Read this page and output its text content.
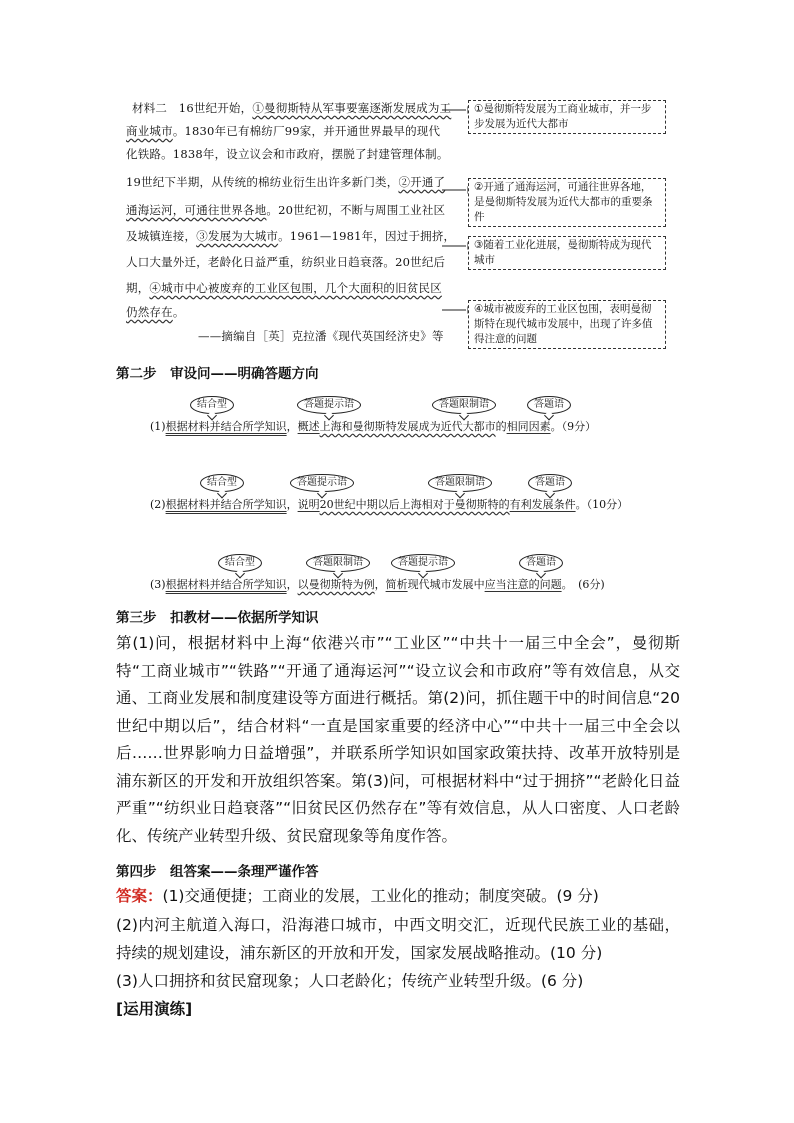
材料二　16世纪开始，①曼彻斯特从军事要塞逐渐发展成为工
商业城市。1830年已有棉纺厂99家，并开通世界最早的现代
化铁路。1838年，设立议会和市政府，摆脱了封建管理体制。
19世纪下半期，从传统的棉纺业衍生出许多新门类，②开通了
通海运河，可通往世界各地。20世纪初，不断与周围工业社区
及城镇连接，③发展为大城市。1961—1981年，因过于拥挤，
人口大量外迁，老龄化日益严重，纺织业日趋衰落。20世纪后
期，④城市中心被废弃的工业区包围，几个大面积的旧贫民区
仍然存在。
——摘编自［英］克拉潘《现代英国经济史》等
①曼彻斯特发展为工商业城市，并一步步发展为近代大都市
②开通了通海运河，可通往世界各地，是曼彻斯特发展为近代大都市的重要条件
③随着工业化进展，曼彻斯特成为现代城市
④城市被废弃的工业区包围，表明曼彻斯特在现代城市发展中，出现了许多值得注意的问题
第二步　审设问——明确答题方向
结合型	答题提示语	答题限制语	答题语
(1)根据材料并结合所学知识，概述上海和曼彻斯特发展成为近代大都市的相同因素。（9分）
结合型	答题提示语	答题限制语	答题语
(2)根据材料并结合所学知识，说明20世纪中期以后上海相对于曼彻斯特的有利发展条件。（10分）
结合型	答题限制语	答题提示语	答题语
(3)根据材料并结合所学知识，以曼彻斯特为例，简析现代城市发展中应当注意的问题。　(6分)
第三步　扣教材——依据所学知识
第(1)问，根据材料中上海“依港兴市”“工业区”“中共十一届三中全会”，曼彻斯特“工商业城市”“铁路”“开通了通海运河”“设立议会和市政府”等有效信息，从交通、工商业发展和制度建设等方面进行概括。第(2)问，抓住题干中的时间信息“20世纪中期以后”，结合材料“一直是国家重要的经济中心”“中共十一届三中全会以后……世界影响力日益增强”，并联系所学知识如国家政策扶持、改革开放特别是浦东新区的开发和开放组织答案。第(3)问，可根据材料中“过于拥挤”“老龄化日益严重”“纺织业日趋衰落”“旧贫民区仍然存在”等有效信息，从人口密度、人口老龄化、传统产业转型升级、贫民窟现象等角度作答。
第四步　组答案——条理严谨作答
答案：(1)交通便捷；工商业的发展，工业化的推动；制度突破。(9 分)
(2)内河主航道入海口，沿海港口城市，中西文明交汇，近现代民族工业的基础，持续的规划建设，浦东新区的开放和开发，国家发展战略推动。(10 分)
(3)人口拥挤和贫民窟现象；人口老龄化；传统产业转型升级。(6 分)
[运用演练]
